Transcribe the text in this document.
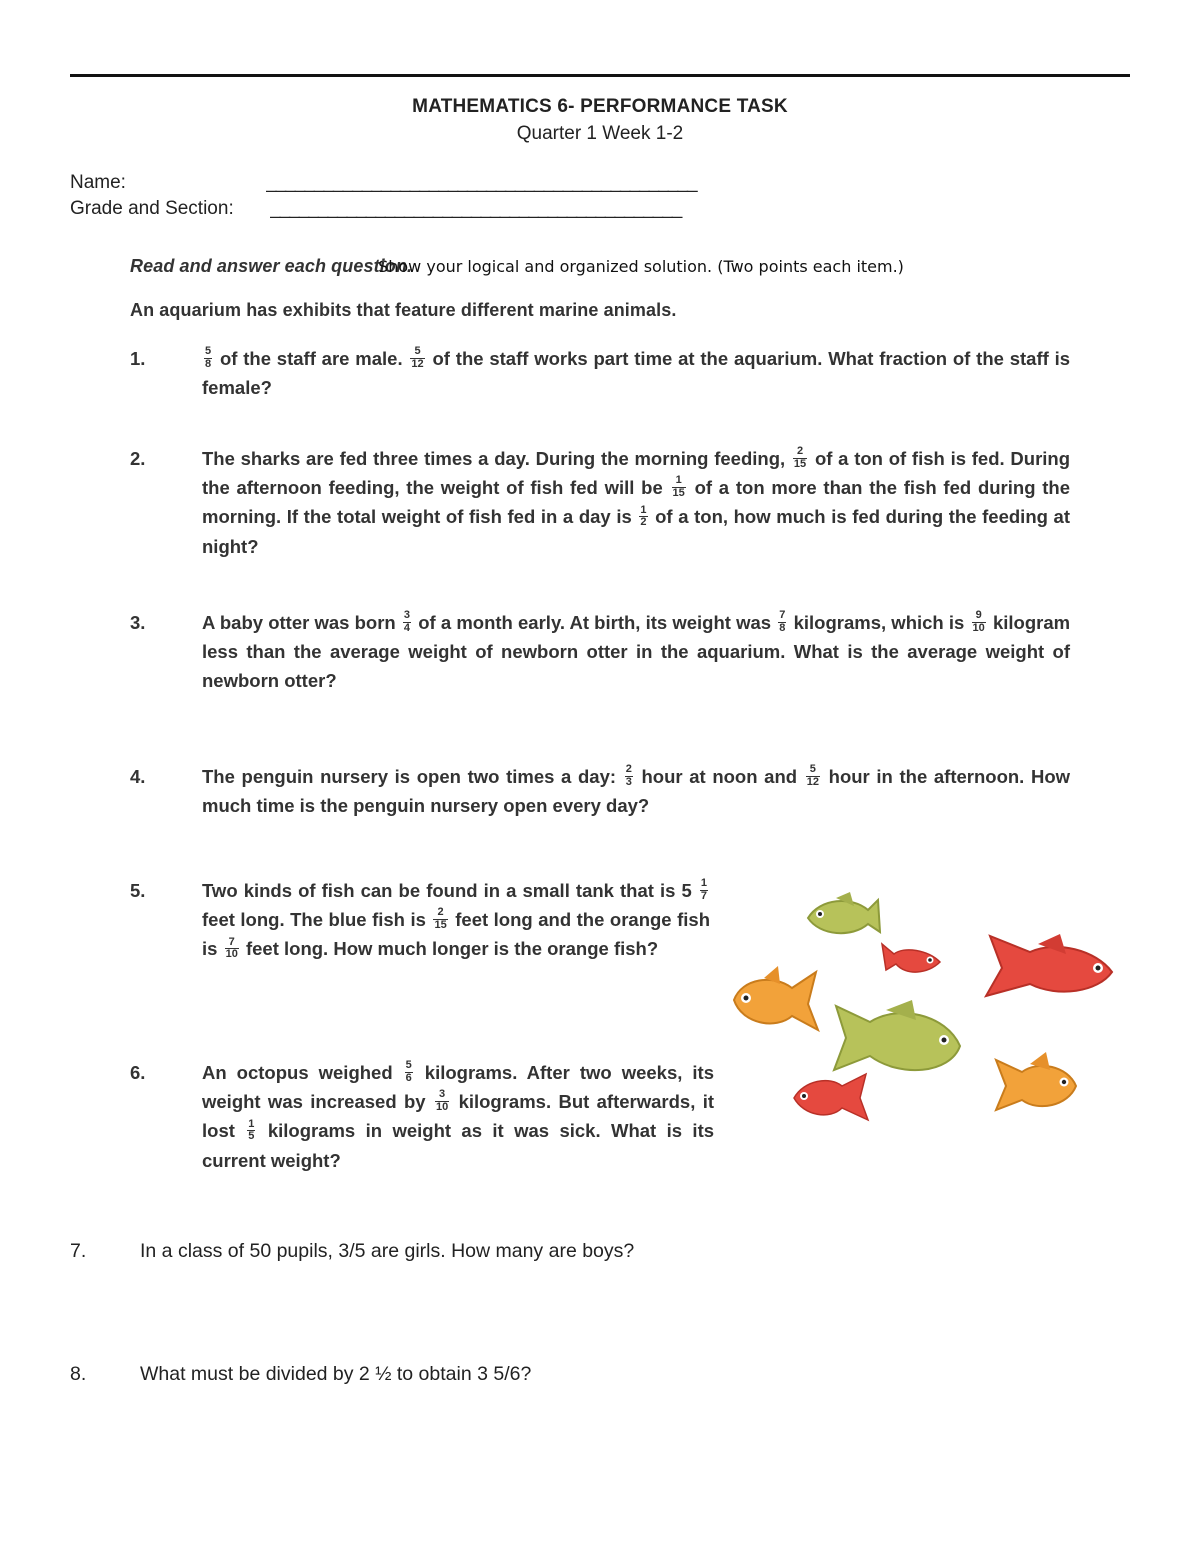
MATHEMATICS 6- PERFORMANCE TASK
Quarter 1 Week 1-2
Name:	_____________________________________________
Grade and Section: ___________________________________________
Read and answer each question.Show your logical and organized solution. (Two points each item.)
An aquarium has exhibits that feature different marine animals.
1.	$\frac{5}{8}$ of the staff are male. $\frac{5}{12}$ of the staff works part time at the aquarium. What fraction of the staff is female?
2.	The sharks are fed three times a day. During the morning feeding, $\frac{2}{15}$ of a ton of fish is fed. During the afternoon feeding, the weight of fish fed will be $\frac{1}{15}$ of a ton more than the fish fed during the morning. If the total weight of fish fed in a day is $\frac{1}{2}$ of a ton, how much is fed during the feeding at night?
3.	A baby otter was born $\frac{3}{4}$ of a month early. At birth, its weight was $\frac{7}{8}$ kilograms, which is $\frac{9}{10}$ kilogram less than the average weight of newborn otter in the aquarium. What is the average weight of newborn otter?
4.	The penguin nursery is open two times a day: $\frac{2}{3}$ hour at noon and $\frac{5}{12}$ hour in the afternoon. How much time is the penguin nursery open every day?
5.	Two kinds of fish can be found in a small tank that is $5 \frac{1}{7}$
feet long. The blue fish is $\frac{2}{15}$ feet long and the orange fish is $\frac{7}{10}$ feet long. How much longer is the orange fish?
6.	An octopus weighed $\frac{5}{6}$ kilograms. After two weeks, its weight was increased by $\frac{3}{10}$ kilograms. But afterwards, it lost $\frac{1}{5}$ kilograms in weight as it was sick. What is its current weight?
7.	In a class of 50 pupils, 3/5 are girls. How many are boys?
8.	What must be divided by 2 ½ to obtain 3 5/6?
